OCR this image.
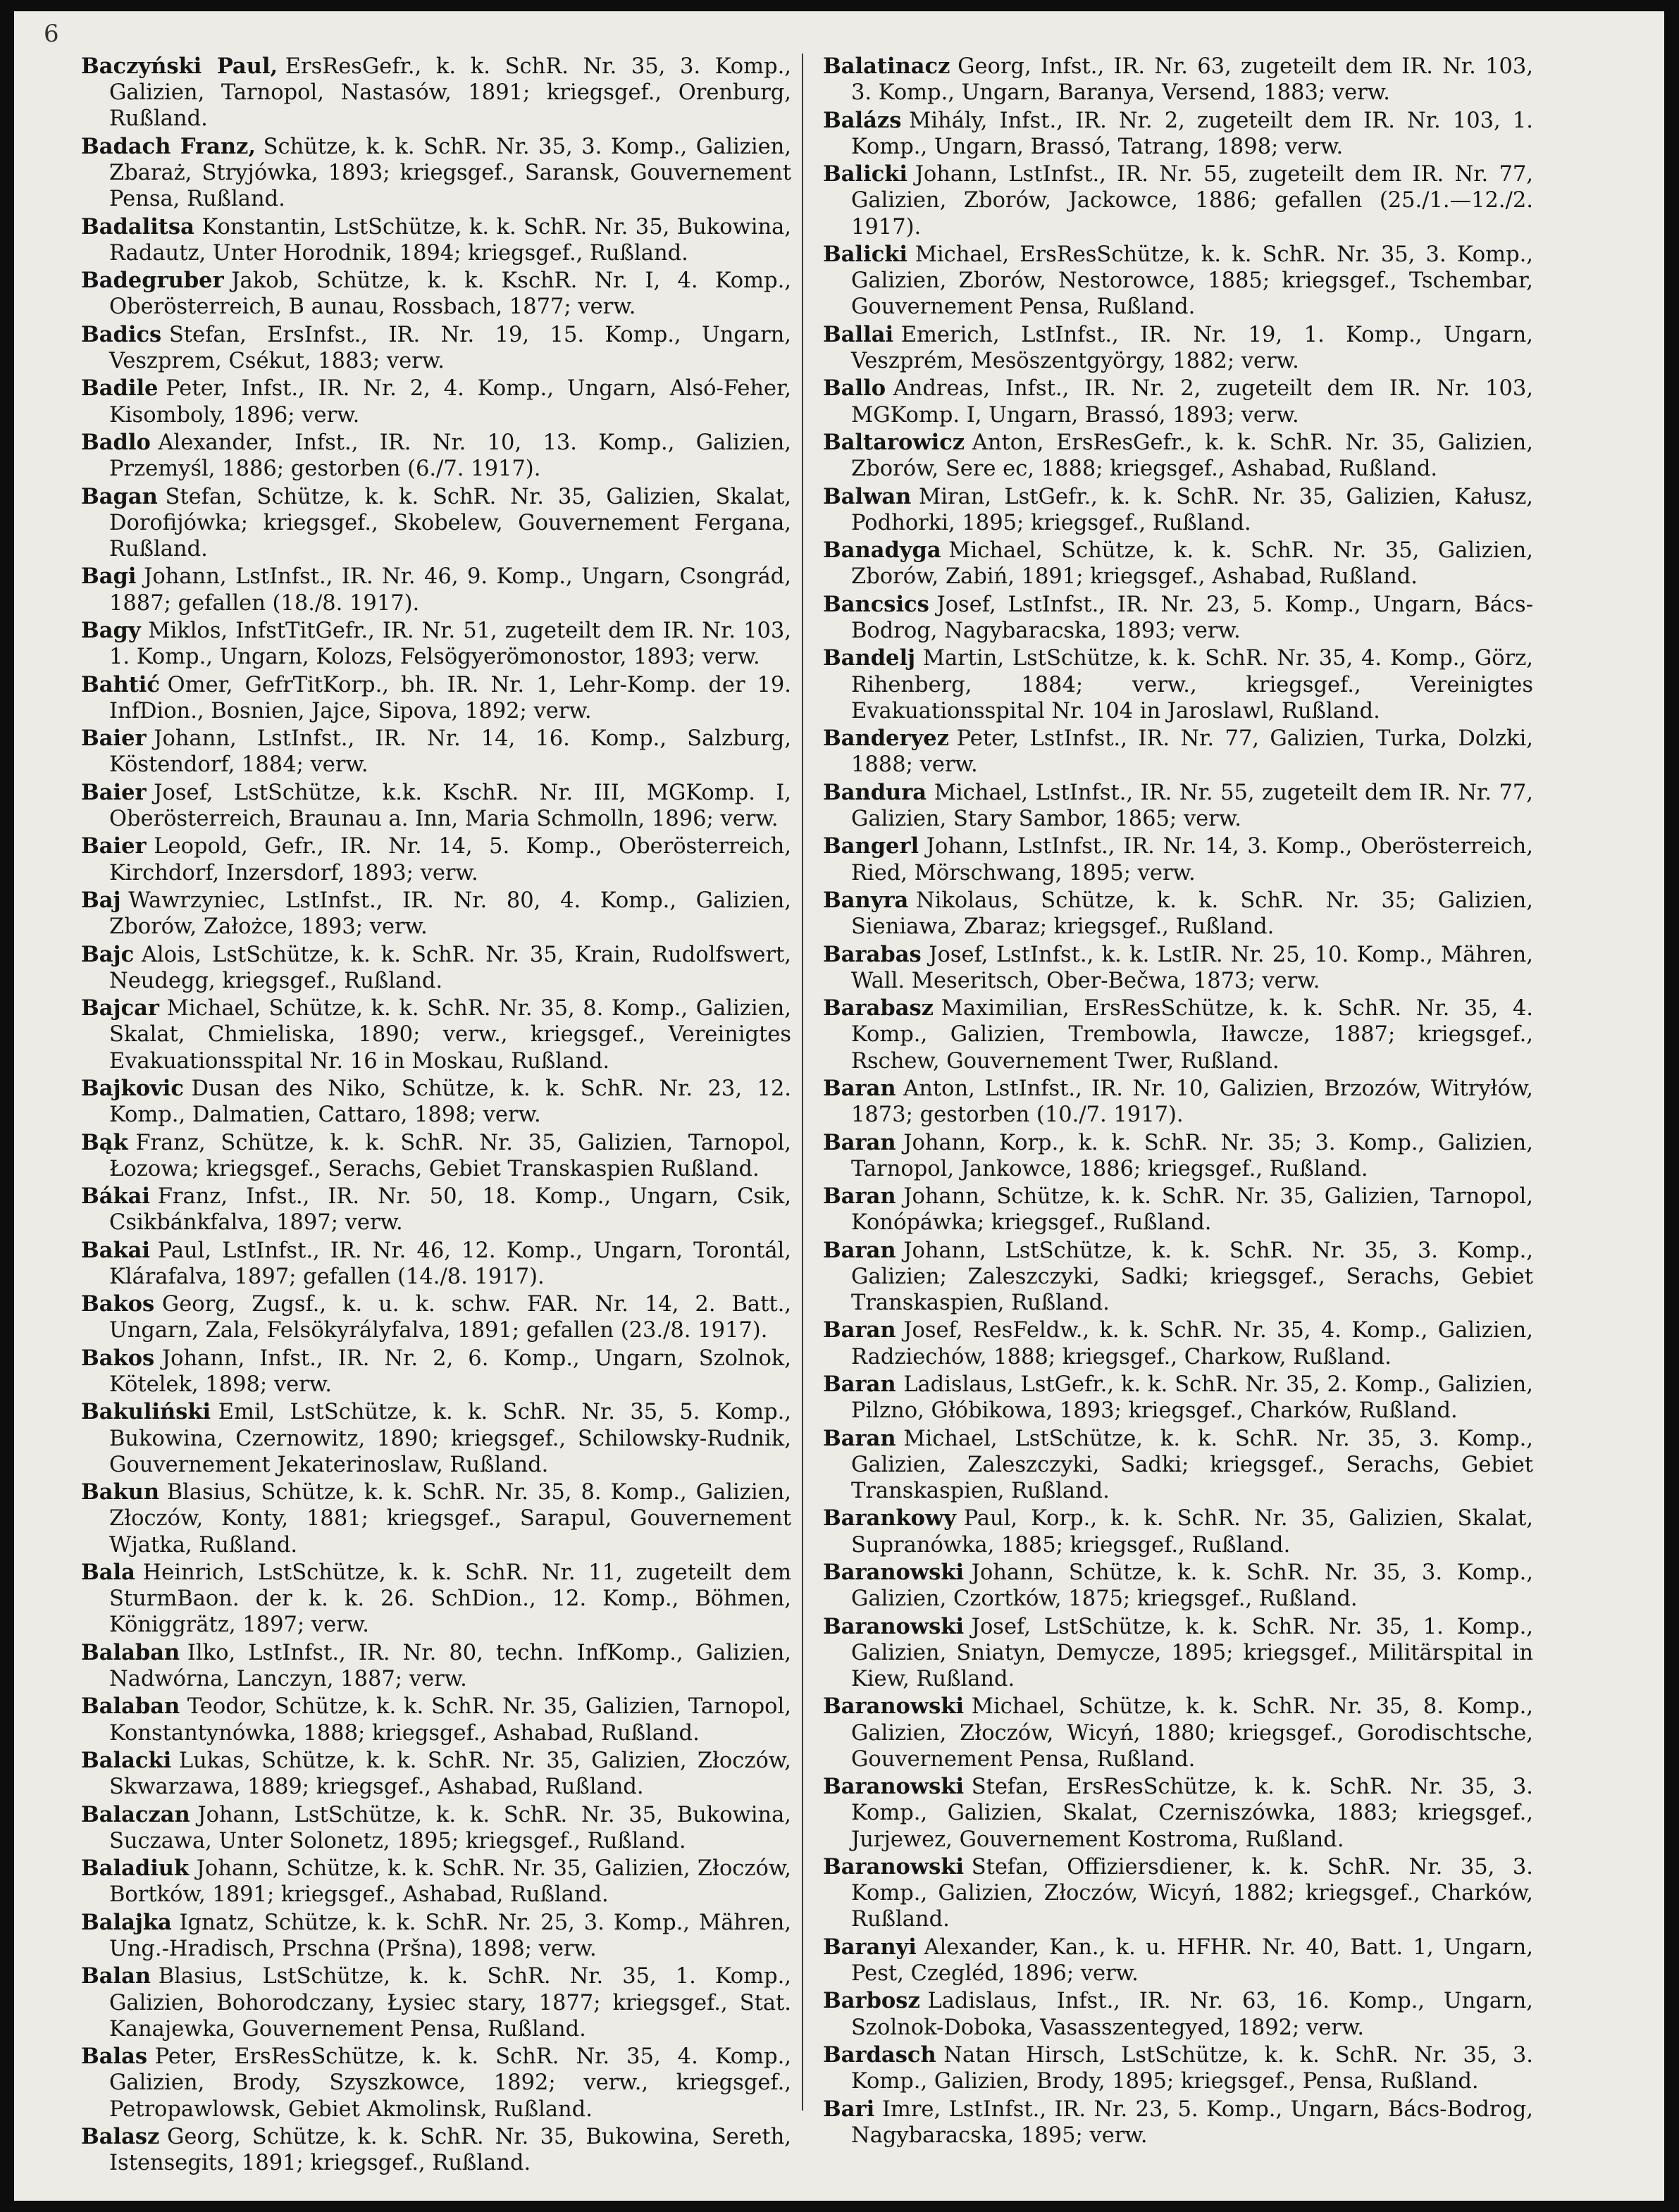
6

Baczyński Paul, ErsResGefr., k. k. SchR. Nr. 35, 3. Komp., Galizien, Tarnopol, Nastasów, 1891; kriegsgef., Orenburg, Rußland.

Badach Franz, Schütze, k. k. SchR. Nr. 35, 3. Komp., Galizien, Zbaraż, Stryjówka, 1893; kriegsgef., Saransk, Gouvernement Pensa, Rußland.

Badalitsa Konstantin, LstSchütze, k. k. SchR. Nr. 35, Bukowina, Radautz, Unter Horodnik, 1894; kriegsgef., Rußland.

Badegruber Jakob, Schütze, k. k. KschR. Nr. I, 4. Komp., Oberösterreich, B aunau, Rossbach, 1877; verw.

Badics Stefan, ErsInfst., IR. Nr. 19, 15. Komp., Ungarn, Veszprem, Csékut, 1883; verw.

Badile Peter, Infst., IR. Nr. 2, 4. Komp., Ungarn, Alsó-Feher, Kisomboly, 1896; verw.

Badlo Alexander, Infst., IR. Nr. 10, 13. Komp., Galizien, Przemyśl, 1886; gestorben (6./7. 1917).

Bagan Stefan, Schütze, k. k. SchR. Nr. 35, Galizien, Skalat, Dorofijówka; kriegsgef., Skobelew, Gouvernement Fergana, Rußland.

Bagi Johann, LstInfst., IR. Nr. 46, 9. Komp., Ungarn, Csongrád, 1887; gefallen (18./8. 1917).

Bagy Miklos, InfstTitGefr., IR. Nr. 51, zugeteilt dem IR. Nr. 103, 1. Komp., Ungarn, Kolozs, Felsögyerömonostor, 1893; verw.

Bahtić Omer, GefrTitKorp., bh. IR. Nr. 1, Lehr-Komp. der 19. InfDion., Bosnien, Jajce, Sipova, 1892; verw.

Baier Johann, LstInfst., IR. Nr. 14, 16. Komp., Salzburg, Köstendorf, 1884; verw.

Baier Josef, LstSchütze, k.k. KschR. Nr. III, MGKomp. I, Oberösterreich, Braunau a. Inn, Maria Schmolln, 1896; verw.

Baier Leopold, Gefr., IR. Nr. 14, 5. Komp., Oberösterreich, Kirchdorf, Inzersdorf, 1893; verw.

Baj Wawrzyniec, LstInfst., IR. Nr. 80, 4. Komp., Galizien, Zborów, Założce, 1893; verw.

Bajc Alois, LstSchütze, k. k. SchR. Nr. 35, Krain, Rudolfswert, Neudegg, kriegsgef., Rußland.

Bajcar Michael, Schütze, k. k. SchR. Nr. 35, 8. Komp., Galizien, Skalat, Chmieliska, 1890; verw., kriegsgef., Vereinigtes Evakuationsspital Nr. 16 in Moskau, Rußland.

Bajkovic Dusan des Niko, Schütze, k. k. SchR. Nr. 23, 12. Komp., Dalmatien, Cattaro, 1898; verw.

Bąk Franz, Schütze, k. k. SchR. Nr. 35, Galizien, Tarnopol, Łozowa; kriegsgef., Serachs, Gebiet Transkaspien Rußland.

Bákai Franz, Infst., IR. Nr. 50, 18. Komp., Ungarn, Csik, Csikbánkfalva, 1897; verw.

Bakai Paul, LstInfst., IR. Nr. 46, 12. Komp., Ungarn, Torontál, Klárafalva, 1897; gefallen (14./8. 1917).

Bakos Georg, Zugsf., k. u. k. schw. FAR. Nr. 14, 2. Batt., Ungarn, Zala, Felsökyrályfalva, 1891; gefallen (23./8. 1917).

Bakos Johann, Infst., IR. Nr. 2, 6. Komp., Ungarn, Szolnok, Kötelek, 1898; verw.

Bakuliński Emil, LstSchütze, k. k. SchR. Nr. 35, 5. Komp., Bukowina, Czernowitz, 1890; kriegsgef., Schilowsky-Rudnik, Gouvernement Jekaterinoslaw, Rußland.

Bakun Blasius, Schütze, k. k. SchR. Nr. 35, 8. Komp., Galizien, Złoczów, Konty, 1881; kriegsgef., Sarapul, Gouvernement Wjatka, Rußland.

Bala Heinrich, LstSchütze, k. k. SchR. Nr. 11, zugeteilt dem SturmBaon. der k. k. 26. SchDion., 12. Komp., Böhmen, Königgrätz, 1897; verw.

Balaban Ilko, LstInfst., IR. Nr. 80, techn. InfKomp., Galizien, Nadwórna, Lanczyn, 1887; verw.

Balaban Teodor, Schütze, k. k. SchR. Nr. 35, Galizien, Tarnopol, Konstantynówka, 1888; kriegsgef., Ashabad, Rußland.

Balacki Lukas, Schütze, k. k. SchR. Nr. 35, Galizien, Złoczów, Skwarzawa, 1889; kriegsgef., Ashabad, Rußland.

Balaczan Johann, LstSchütze, k. k. SchR. Nr. 35, Bukowina, Suczawa, Unter Solonetz, 1895; kriegsgef., Rußland.

Baladiuk Johann, Schütze, k. k. SchR. Nr. 35, Galizien, Złoczów, Bortków, 1891; kriegsgef., Ashabad, Rußland.

Balajka Ignatz, Schütze, k. k. SchR. Nr. 25, 3. Komp., Mähren, Ung.-Hradisch, Prschna (Pršna), 1898; verw.

Balan Blasius, LstSchütze, k. k. SchR. Nr. 35, 1. Komp., Galizien, Bohorodczany, Łysiec stary, 1877; kriegsgef., Stat. Kanajewka, Gouvernement Pensa, Rußland.

Balas Peter, ErsResSchütze, k. k. SchR. Nr. 35, 4. Komp., Galizien, Brody, Szyszkowce, 1892; verw., kriegsgef., Petropawlowsk, Gebiet Akmolinsk, Rußland.

Balasz Georg, Schütze, k. k. SchR. Nr. 35, Bukowina, Sereth, Istensegits, 1891; kriegsgef., Rußland.

Balatinacz Georg, Infst., IR. Nr. 63, zugeteilt dem IR. Nr. 103, 3. Komp., Ungarn, Baranya, Versend, 1883; verw.

Balázs Mihály, Infst., IR. Nr. 2, zugeteilt dem IR. Nr. 103, 1. Komp., Ungarn, Brassó, Tatrang, 1898; verw.

Balicki Johann, LstInfst., IR. Nr. 55, zugeteilt dem IR. Nr. 77, Galizien, Zborów, Jackowce, 1886; gefallen (25./1.—12./2. 1917).

Balicki Michael, ErsResSchütze, k. k. SchR. Nr. 35, 3. Komp., Galizien, Zborów, Nestorowce, 1885; kriegsgef., Tschembar, Gouvernement Pensa, Rußland.

Ballai Emerich, LstInfst., IR. Nr. 19, 1. Komp., Ungarn, Veszprém, Mesöszentgyörgy, 1882; verw.

Ballo Andreas, Infst., IR. Nr. 2, zugeteilt dem IR. Nr. 103, MGKomp. I, Ungarn, Brassó, 1893; verw.

Baltarowicz Anton, ErsResGefr., k. k. SchR. Nr. 35, Galizien, Zborów, Sere ec, 1888; kriegsgef., Ashabad, Rußland.

Balwan Miran, LstGefr., k. k. SchR. Nr. 35, Galizien, Kałusz, Podhorki, 1895; kriegsgef., Rußland.

Banadyga Michael, Schütze, k. k. SchR. Nr. 35, Galizien, Zborów, Zabiń, 1891; kriegsgef., Ashabad, Rußland.

Bancsics Josef, LstInfst., IR. Nr. 23, 5. Komp., Ungarn, Bács-Bodrog, Nagybaracska, 1893; verw.

Bandelj Martin, LstSchütze, k. k. SchR. Nr. 35, 4. Komp., Görz, Rihenberg, 1884; verw., kriegsgef., Vereinigtes Evakuationsspital Nr. 104 in Jaroslawl, Rußland.

Banderyez Peter, LstInfst., IR. Nr. 77, Galizien, Turka, Dolzki, 1888; verw.

Bandura Michael, LstInfst., IR. Nr. 55, zugeteilt dem IR. Nr. 77, Galizien, Stary Sambor, 1865; verw.

Bangerl Johann, LstInfst., IR. Nr. 14, 3. Komp., Oberösterreich, Ried, Mörschwang, 1895; verw.

Banyra Nikolaus, Schütze, k. k. SchR. Nr. 35; Galizien, Sieniawa, Zbaraz; kriegsgef., Rußland.

Barabas Josef, LstInfst., k. k. LstIR. Nr. 25, 10. Komp., Mähren, Wall. Meseritsch, Ober-Bečwa, 1873; verw.

Barabasz Maximilian, ErsResSchütze, k. k. SchR. Nr. 35, 4. Komp., Galizien, Trembowla, Iławcze, 1887; kriegsgef., Rschew, Gouvernement Twer, Rußland.

Baran Anton, LstInfst., IR. Nr. 10, Galizien, Brzozów, Witryłów, 1873; gestorben (10./7. 1917).

Baran Johann, Korp., k. k. SchR. Nr. 35; 3. Komp., Galizien, Tarnopol, Jankowce, 1886; kriegsgef., Rußland.

Baran Johann, Schütze, k. k. SchR. Nr. 35, Galizien, Tarnopol, Konópáwka; kriegsgef., Rußland.

Baran Johann, LstSchütze, k. k. SchR. Nr. 35, 3. Komp., Galizien; Zaleszczyki, Sadki; kriegsgef., Serachs, Gebiet Transkaspien, Rußland.

Baran Josef, ResFeldw., k. k. SchR. Nr. 35, 4. Komp., Galizien, Radziechów, 1888; kriegsgef., Charkow, Rußland.

Baran Ladislaus, LstGefr., k. k. SchR. Nr. 35, 2. Komp., Galizien, Pilzno, Głóbikowa, 1893; kriegsgef., Charków, Rußland.

Baran Michael, LstSchütze, k. k. SchR. Nr. 35, 3. Komp., Galizien, Zaleszczyki, Sadki; kriegsgef., Serachs, Gebiet Transkaspien, Rußland.

Barankowy Paul, Korp., k. k. SchR. Nr. 35, Galizien, Skalat, Supranówka, 1885; kriegsgef., Rußland.

Baranowski Johann, Schütze, k. k. SchR. Nr. 35, 3. Komp., Galizien, Czortków, 1875; kriegsgef., Rußland.

Baranowski Josef, LstSchütze, k. k. SchR. Nr. 35, 1. Komp., Galizien, Sniatyn, Demycze, 1895; kriegsgef., Militärspital in Kiew, Rußland.

Baranowski Michael, Schütze, k. k. SchR. Nr. 35, 8. Komp., Galizien, Złoczów, Wicyń, 1880; kriegsgef., Gorodischtsche, Gouvernement Pensa, Rußland.

Baranowski Stefan, ErsResSchütze, k. k. SchR. Nr. 35, 3. Komp., Galizien, Skalat, Czerniszówka, 1883; kriegsgef., Jurjewez, Gouvernement Kostroma, Rußland.

Baranowski Stefan, Offiziersdiener, k. k. SchR. Nr. 35, 3. Komp., Galizien, Złoczów, Wicyń, 1882; kriegsgef., Charków, Rußland.

Baranyi Alexander, Kan., k. u. HFHR. Nr. 40, Batt. 1, Ungarn, Pest, Czegléd, 1896; verw.

Barbosz Ladislaus, Infst., IR. Nr. 63, 16. Komp., Ungarn, Szolnok-Doboka, Vasasszentegyed, 1892; verw.

Bardasch Natan Hirsch, LstSchütze, k. k. SchR. Nr. 35, 3. Komp., Galizien, Brody, 1895; kriegsgef., Pensa, Rußland.

Bari Imre, LstInfst., IR. Nr. 23, 5. Komp., Ungarn, Bács-Bodrog, Nagybaracska, 1895; verw.
